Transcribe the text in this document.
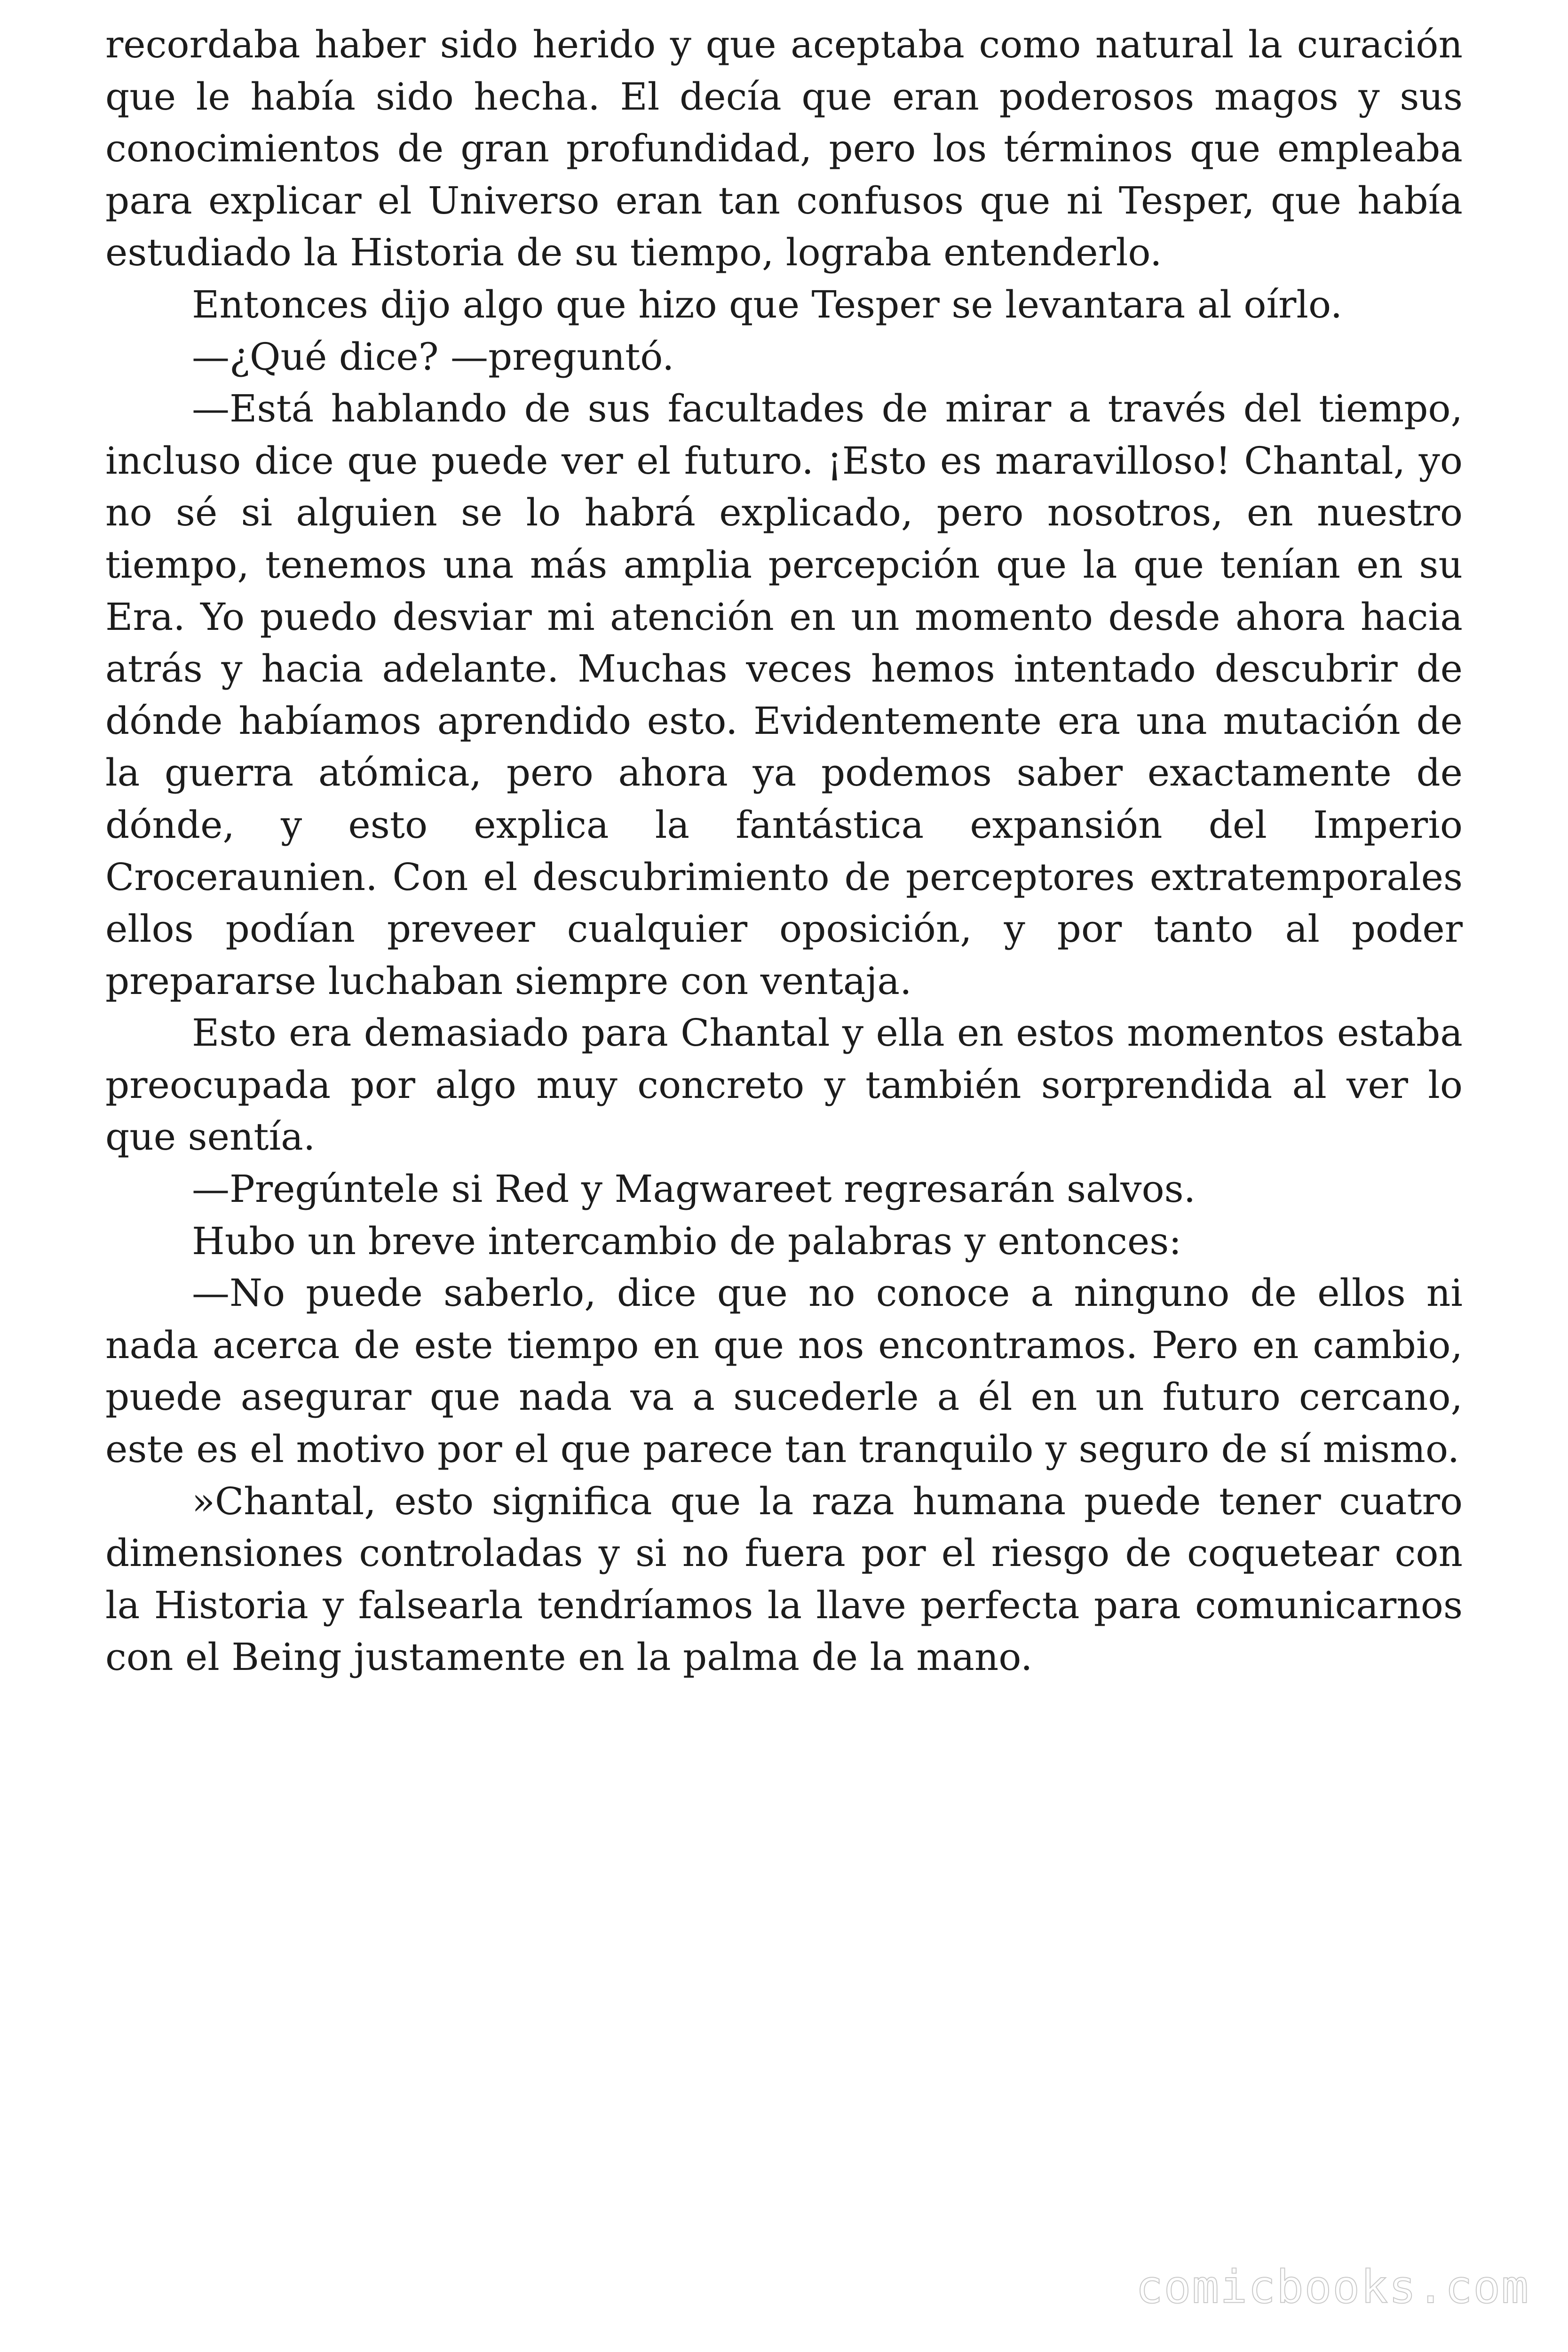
recordaba haber sido herido y que aceptaba como natural la curación que le había sido hecha. El decía que eran poderosos magos y sus conocimientos de gran profundidad, pero los términos que empleaba para explicar el Universo eran tan confusos que ni Tesper, que había estudiado la Historia de su tiempo, lograba entenderlo.

Entonces dijo algo que hizo que Tesper se levantara al oírlo.

—¿Qué dice? —preguntó.

—Está hablando de sus facultades de mirar a través del tiempo, incluso dice que puede ver el futuro. ¡Esto es maravilloso! Chantal, yo no sé si alguien se lo habrá explicado, pero nosotros, en nuestro tiempo, tenemos una más amplia percepción que la que tenían en su Era. Yo puedo desviar mi atención en un momento desde ahora hacia atrás y hacia adelante. Muchas veces hemos intentado descubrir de dónde habíamos aprendido esto. Evidentemente era una mutación de la guerra atómica, pero ahora ya podemos saber exactamente de dónde, y esto explica la fantástica expansión del Imperio Croceraunien. Con el descubrimiento de perceptores extratemporales ellos podían preveer cualquier oposición, y por tanto al poder prepararse luchaban siempre con ventaja.

Esto era demasiado para Chantal y ella en estos momentos estaba preocupada por algo muy concreto y también sorprendida al ver lo que sentía.

—Pregúntele si Red y Magwareet regresarán salvos.

Hubo un breve intercambio de palabras y entonces:

—No puede saberlo, dice que no conoce a ninguno de ellos ni nada acerca de este tiempo en que nos encontramos. Pero en cambio, puede asegurar que nada va a sucederle a él en un futuro cercano, este es el motivo por el que parece tan tranquilo y seguro de sí mismo.

»Chantal, esto significa que la raza humana puede tener cuatro dimensiones controladas y si no fuera por el riesgo de coquetear con la Historia y falsearla tendríamos la llave perfecta para comunicarnos con el Being justamente en la palma de la mano.

comicbooks.com
